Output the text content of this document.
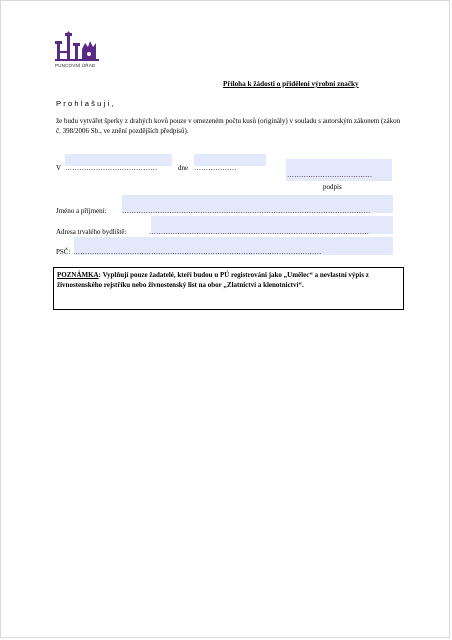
PUNCOVNÍ ÚŘAD
Příloha k žádosti o přidělení výrobní značky
Prohlašuji,
že budu vytvářet šperky z drahých kovů pouze v omezeném počtu kusů (originály) v souladu s autorským zákonem (zákon č. 398/2006 Sb., ve znění pozdějších předpisů).
V …………………………………	dne ………………
………………………………
podpis
Jméno a příjmení: ……………………………………………………………………………………………
Adresa trvalého bydliště:	…………………………………………………………………………………
PSČ: ……………………………………………………………………………………………
POZNÁMKA: Vyplňují pouze žadatelé, kteří budou u PÚ registrováni jako „Umělec“ a nevlastní výpis z živnostenského rejstříku nebo živnostenský list na obor „Zlatnictví a klenotnictví“.
